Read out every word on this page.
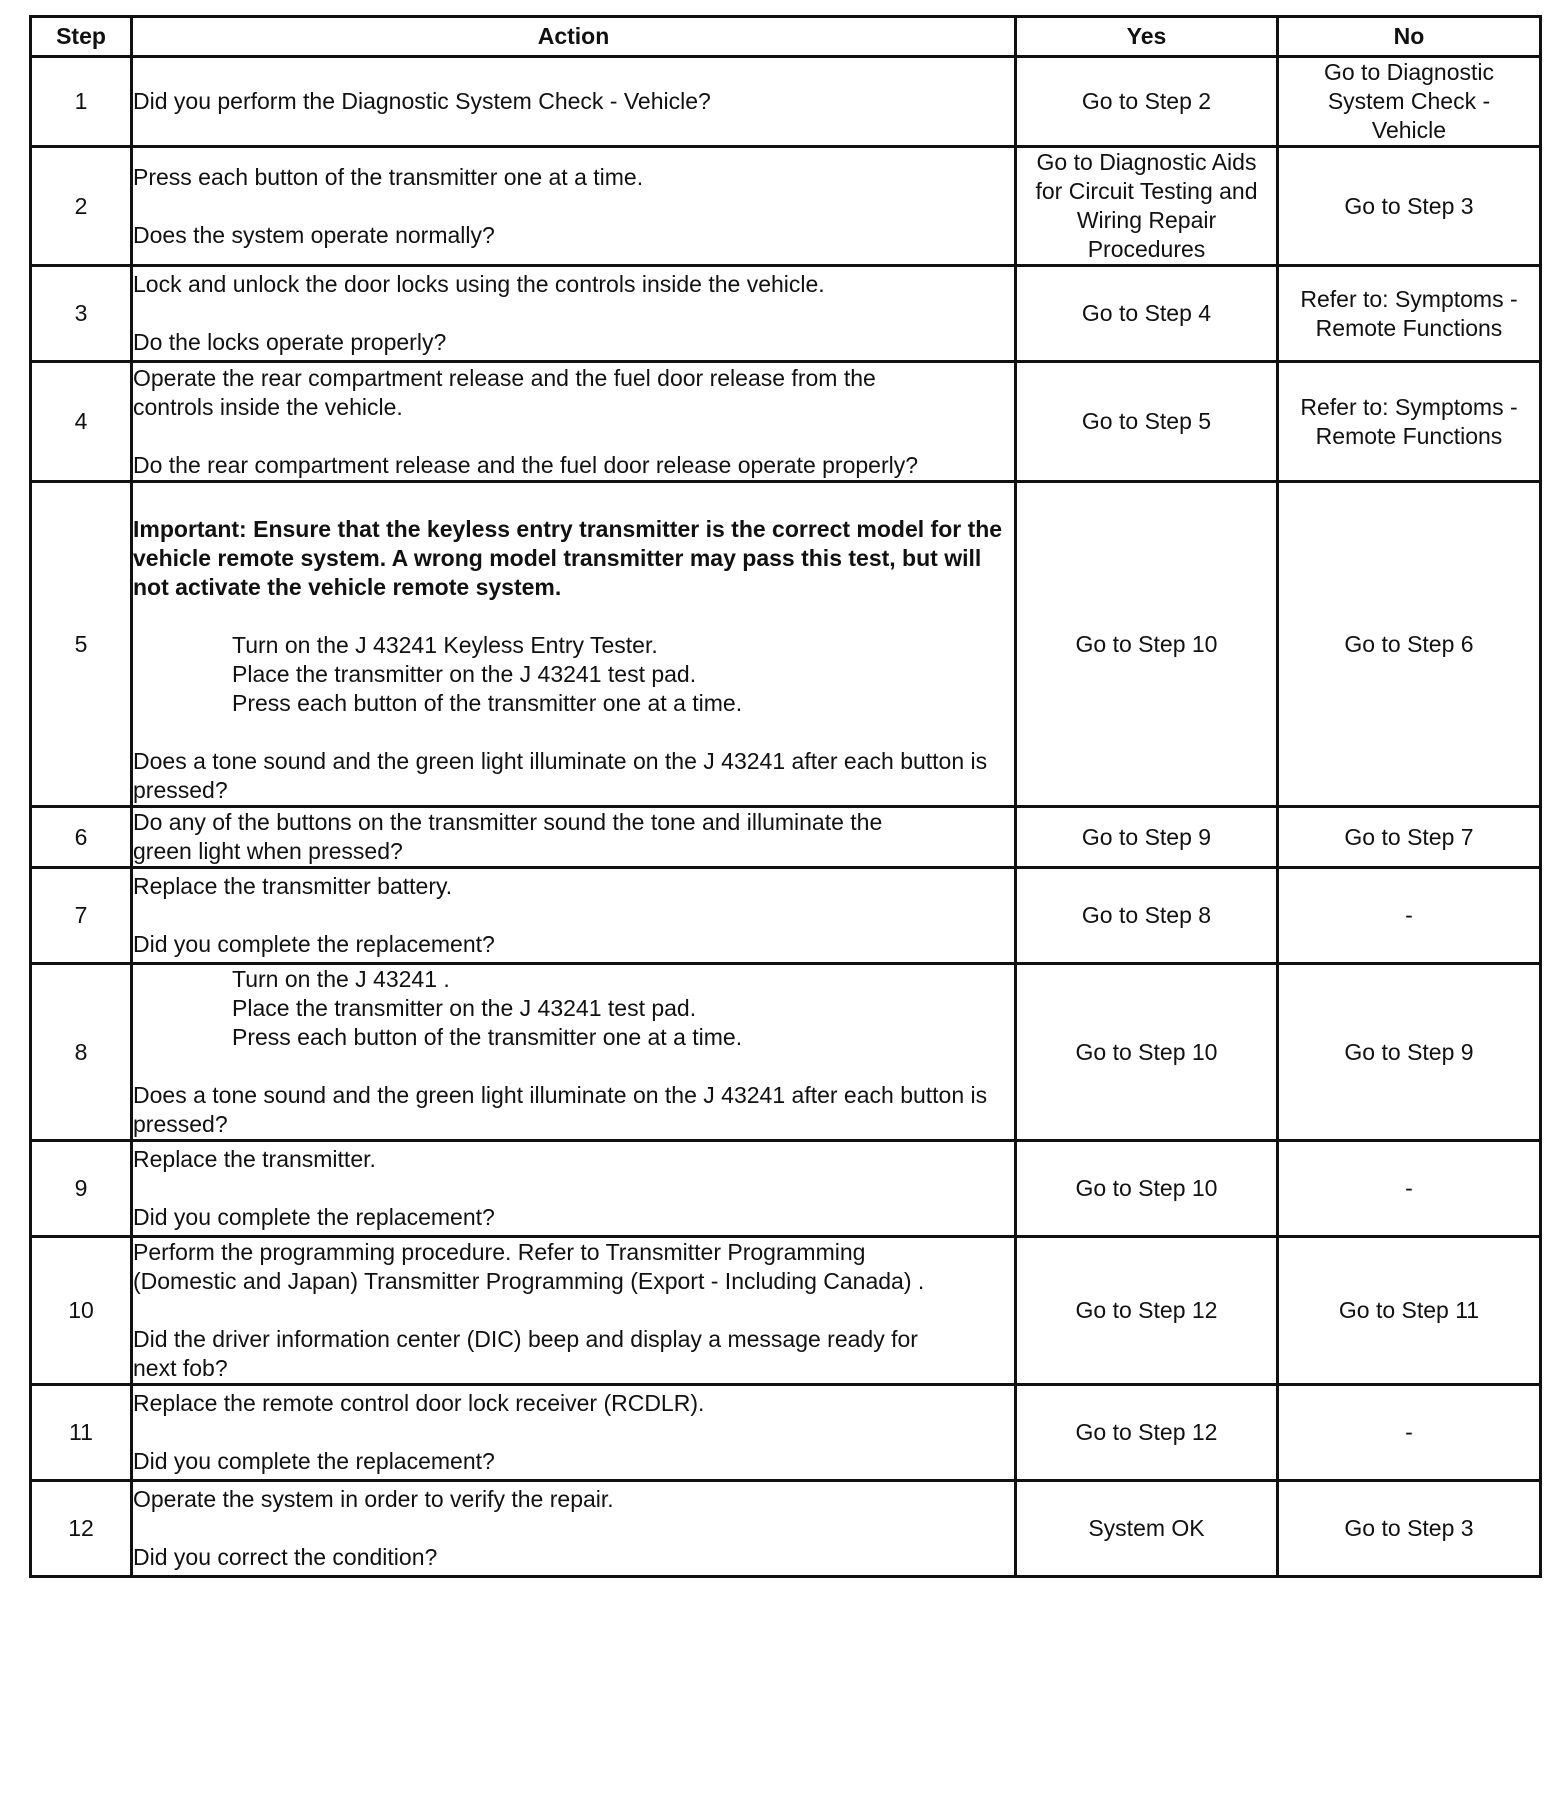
Step	Action	Yes	No
1	Did you perform the Diagnostic System Check - Vehicle?	Go to Step 2	Go to Diagnostic
System Check -
Vehicle

2	Press each button of the transmitter one at a time.
Does the system operate normally?	Go to Diagnostic Aids
for Circuit Testing and
Wiring Repair
Procedures	Go to Step 3
3	Lock and unlock the door locks using the controls inside the vehicle.
Do the locks operate properly?	Go to Step 4	Refer to: Symptoms -
Remote Functions

4	Operate the rear compartment release and the fuel door release from the
controls inside the vehicle.
Do the rear compartment release and the fuel door release operate properly?	Go to Step 5	Refer to: Symptoms -
Remote Functions

5	Important: Ensure that the keyless entry transmitter is the correct model for the vehicle remote system. A wrong model transmitter may pass this test, but will not activate the vehicle remote system.
Turn on the J 43241 Keyless Entry Tester.
Place the transmitter on the J 43241 test pad.
Press each button of the transmitter one at a time.
Does a tone sound and the green light illuminate on the J 43241 after each button is pressed?	Go to Step 10	Go to Step 6
6	Do any of the buttons on the transmitter sound the tone and illuminate the
green light when pressed?	Go to Step 9	Go to Step 7
7	Replace the transmitter battery.
Did you complete the replacement?	Go to Step 8	-
8	Turn on the J 43241 .
Place the transmitter on the J 43241 test pad.
Press each button of the transmitter one at a time.
Does a tone sound and the green light illuminate on the J 43241 after each button is pressed?	Go to Step 10	Go to Step 9
9	Replace the transmitter.
Did you complete the replacement?	Go to Step 10	-
10	Perform the programming procedure. Refer to Transmitter Programming
(Domestic and Japan) Transmitter Programming (Export - Including Canada) .
Did the driver information center (DIC) beep and display a message ready for
next fob?	Go to Step 12	Go to Step 11
11	Replace the remote control door lock receiver (RCDLR).
Did you complete the replacement?	Go to Step 12	-
12	Operate the system in order to verify the repair.
Did you correct the condition?	System OK	Go to Step 3
